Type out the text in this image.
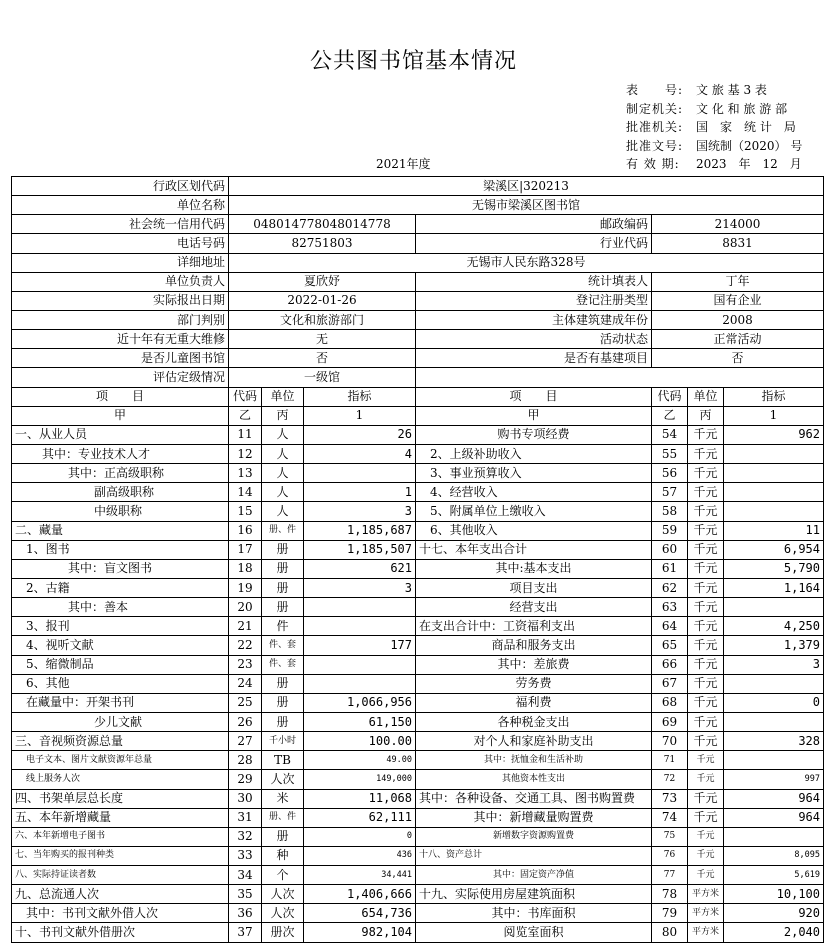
公共图书馆基本情况
表　　号:	文 旅 基 3 表
制定机关:	文 化 和 旅 游 部
批准机关:	国　家　统 计　局
批准文号:	国统制（2020） 号
有 效 期:	2023　年　12　月
2021年度
行政区划代码	梁溪区|320213						
单位名称	无锡市梁溪区图书馆						
社会统一信用代码	048014778048014778			邮政编码	214000		
电话号码	82751803			行业代码	8831		
详细地址	无锡市人民东路328号						
单位负责人	夏欣妤			统计填表人	丁年		
实际报出日期	2022-01-26			登记注册类型	国有企业		
部门判别	文化和旅游部门			主体建筑建成年份	2008		
近十年有无重大维修	无			活动状态	正常活动		
是否儿童图书馆	否			是否有基建项目	否		
评估定级情况	一级馆						
项　　目	代码	单位	指标	项　　目	代码	单位	指标
甲	乙	丙	1	甲	乙	丙	1
一、从业人员	11	人	26	购书专项经费	54	千元	962
其中：专业技术人才	12	人	4	2、上级补助收入	55	千元	
其中：正高级职称	13	人		3、事业预算收入	56	千元	
副高级职称	14	人	1	4、经营收入	57	千元	
中级职称	15	人	3	5、附属单位上缴收入	58	千元	
二、藏量	16	册、件	1,185,687	6、其他收入	59	千元	11
1、图书	17	册	1,185,507	十七、本年支出合计	60	千元	6,954
其中：盲文图书	18	册	621	其中:基本支出	61	千元	5,790
2、古籍	19	册	3	项目支出	62	千元	1,164
其中：善本	20	册		经营支出	63	千元	
3、报刊	21	件		在支出合计中：工资福利支出	64	千元	4,250
4、视听文献	22	件、套	177	商品和服务支出	65	千元	1,379
5、缩微制品	23	件、套		其中：差旅费	66	千元	3
6、其他	24	册		劳务费	67	千元	
在藏量中：开架书刊	25	册	1,066,956	福利费	68	千元	0
少儿文献	26	册	61,150	各种税金支出	69	千元	
三、音视频资源总量	27	千小时	100.00	对个人和家庭补助支出	70	千元	328
电子文本、图片文献资源年总量	28	TB	49.00	其中：抚恤金和生活补助	71	千元	
线上服务人次	29	人次	149,000	其他资本性支出	72	千元	997
四、书架单层总长度	30	米	11,068	其中：各种设备、交通工具、图书购置费	73	千元	964
五、本年新增藏量	31	册、件	62,111	其中：新增藏量购置费	74	千元	964
六、本年新增电子图书	32	册	0	新增数字资源购置费	75	千元	
七、当年购买的报刊种类	33	种	436	十八、资产总计	76	千元	8,095
八、实际持证读者数	34	个	34,441	其中：固定资产净值	77	千元	5,619
九、总流通人次	35	人次	1,406,666	十九、实际使用房屋建筑面积	78	平方米	10,100
其中：书刊文献外借人次	36	人次	654,736	其中：书库面积	79	平方米	920
十、书刊文献外借册次	37	册次	982,104	阅览室面积	80	平方米	2,040
